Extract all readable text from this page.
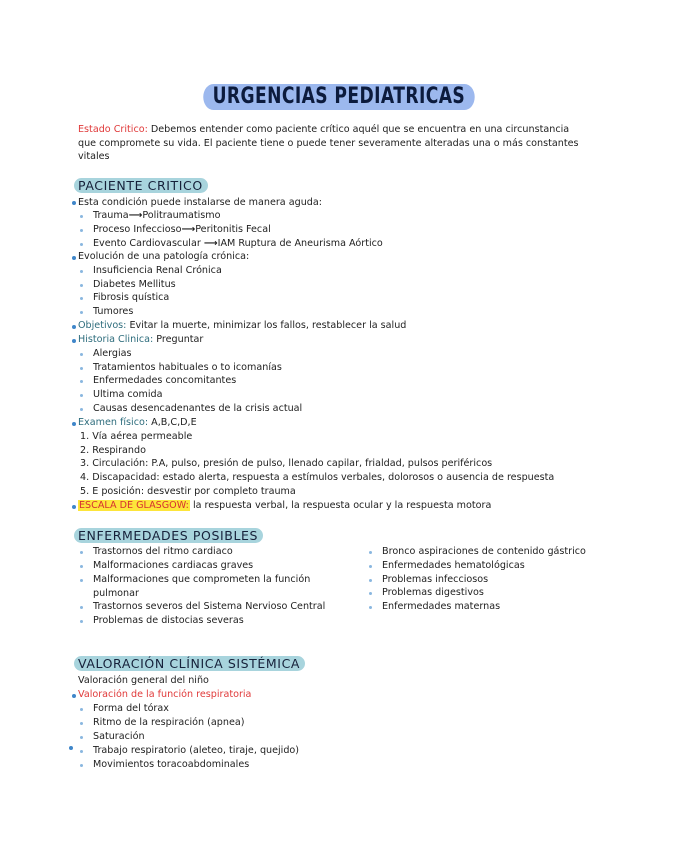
URGENCIAS PEDIATRICAS
Estado Critico: Debemos entender como paciente crítico aquél que se encuentra en una circunstancia
que compromete su vida. El paciente tiene o puede tener severamente alteradas una o más constantes
vitales
PACIENTE CRITICO
Esta condición puede instalarse de manera aguda:
Trauma⟶Politraumatismo
Proceso Infeccioso⟶Peritonitis Fecal
Evento Cardiovascular ⟶IAM Ruptura de Aneurisma Aórtico
Evolución de una patología crónica:
Insuficiencia Renal Crónica
Diabetes Mellitus
Fibrosis quística
Tumores
Objetivos: Evitar la muerte, minimizar los fallos, restablecer la salud
Historia Clinica: Preguntar
Alergias
Tratamientos habituales o to icomanías
Enfermedades concomitantes
Ultima comida
Causas desencadenantes de la crisis actual
Examen físico: A,B,C,D,E
1. Vía aérea permeable
2. Respirando
3. Circulación: P.A, pulso, presión de pulso, llenado capilar, frialdad, pulsos periféricos
4. Discapacidad: estado alerta, respuesta a estímulos verbales, dolorosos o ausencia de respuesta
5. E posición: desvestir por completo trauma
ESCALA DE GLASGOW: la respuesta verbal, la respuesta ocular y la respuesta motora
ENFERMEDADES POSIBLES
Trastornos del ritmo cardiaco
Malformaciones cardiacas graves
Malformaciones que comprometen la función
pulmonar
Trastornos severos del Sistema Nervioso Central
Problemas de distocias severas
Bronco aspiraciones de contenido gástrico
Enfermedades hematológicas
Problemas infecciosos
Problemas digestivos
Enfermedades maternas
VALORACIÓN CLÍNICA SISTÉMICA
Valoración general del niño
Valoración de la función respiratoria
Forma del tórax
Ritmo de la respiración (apnea)
Saturación
Trabajo respiratorio (aleteo, tiraje, quejido)
Movimientos toracoabdominales
